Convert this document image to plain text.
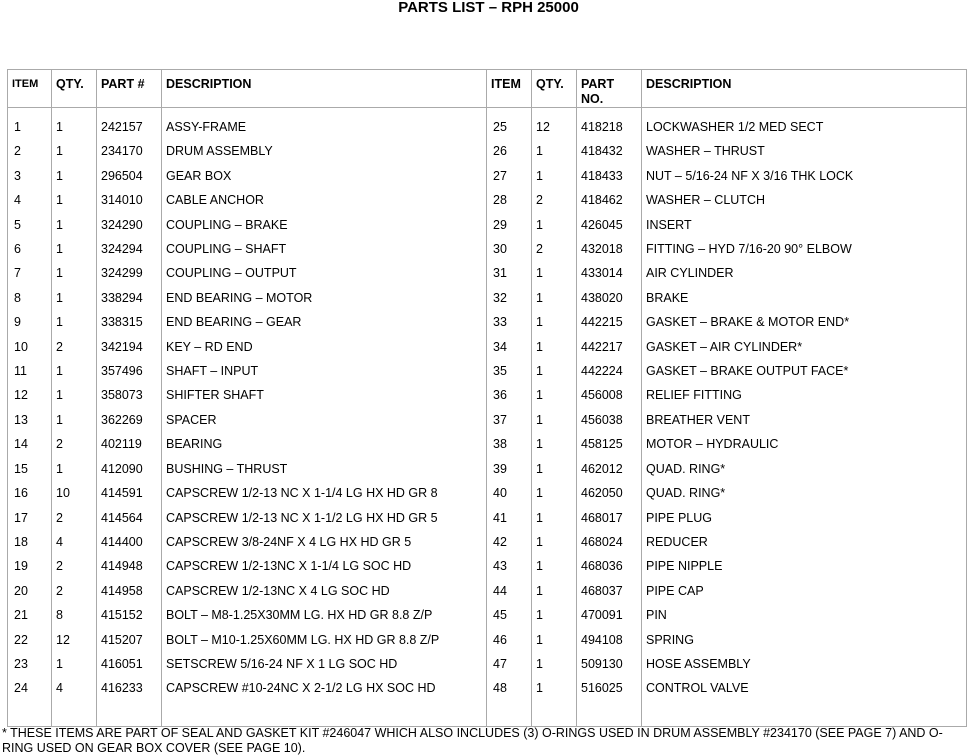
PARTS LIST – RPH 25000
ITEM	QTY.	PART #	DESCRIPTION	ITEM	QTY.	PART NO.	DESCRIPTION

1	1	242157	ASSY-FRAME	25	12	418218	LOCKWASHER 1/2 MED SECT
2	1	234170	DRUM ASSEMBLY	26	1	418432	WASHER – THRUST
3	1	296504	GEAR BOX	27	1	418433	NUT – 5/16-24 NF X 3/16 THK LOCK
4	1	314010	CABLE ANCHOR	28	2	418462	WASHER – CLUTCH
5	1	324290	COUPLING – BRAKE	29	1	426045	INSERT
6	1	324294	COUPLING – SHAFT	30	2	432018	FITTING – HYD 7/16-20 90° ELBOW
7	1	324299	COUPLING – OUTPUT	31	1	433014	AIR CYLINDER
8	1	338294	END BEARING – MOTOR	32	1	438020	BRAKE
9	1	338315	END BEARING – GEAR	33	1	442215	GASKET – BRAKE & MOTOR END*
10	2	342194	KEY – RD END	34	1	442217	GASKET – AIR CYLINDER*
11	1	357496	SHAFT – INPUT	35	1	442224	GASKET – BRAKE OUTPUT FACE*
12	1	358073	SHIFTER SHAFT	36	1	456008	RELIEF FITTING
13	1	362269	SPACER	37	1	456038	BREATHER VENT
14	2	402119	BEARING	38	1	458125	MOTOR – HYDRAULIC
15	1	412090	BUSHING – THRUST	39	1	462012	QUAD. RING*
16	10	414591	CAPSCREW 1/2-13 NC X 1-1/4 LG HX HD GR 8	40	1	462050	QUAD. RING*
17	2	414564	CAPSCREW 1/2-13 NC X 1-1/2 LG HX HD GR 5	41	1	468017	PIPE PLUG
18	4	414400	CAPSCREW 3/8-24NF X 4 LG HX HD GR 5	42	1	468024	REDUCER
19	2	414948	CAPSCREW 1/2-13NC X 1-1/4 LG SOC HD	43	1	468036	PIPE NIPPLE
20	2	414958	CAPSCREW 1/2-13NC X 4 LG SOC HD	44	1	468037	PIPE CAP
21	8	415152	BOLT – M8-1.25X30MM LG. HX HD GR 8.8 Z/P	45	1	470091	PIN
22	12	415207	BOLT – M10-1.25X60MM LG. HX HD GR 8.8 Z/P	46	1	494108	SPRING
23	1	416051	SETSCREW 5/16-24 NF X 1 LG SOC HD	47	1	509130	HOSE ASSEMBLY
24	4	416233	CAPSCREW #10-24NC X 2-1/2 LG HX SOC HD	48	1	516025	CONTROL VALVE

* THESE ITEMS ARE PART OF SEAL AND GASKET KIT #246047 WHICH ALSO INCLUDES (3) O-RINGS USED IN DRUM ASSEMBLY #234170 (SEE PAGE 7) AND O-RING USED ON GEAR BOX COVER (SEE PAGE 10).
